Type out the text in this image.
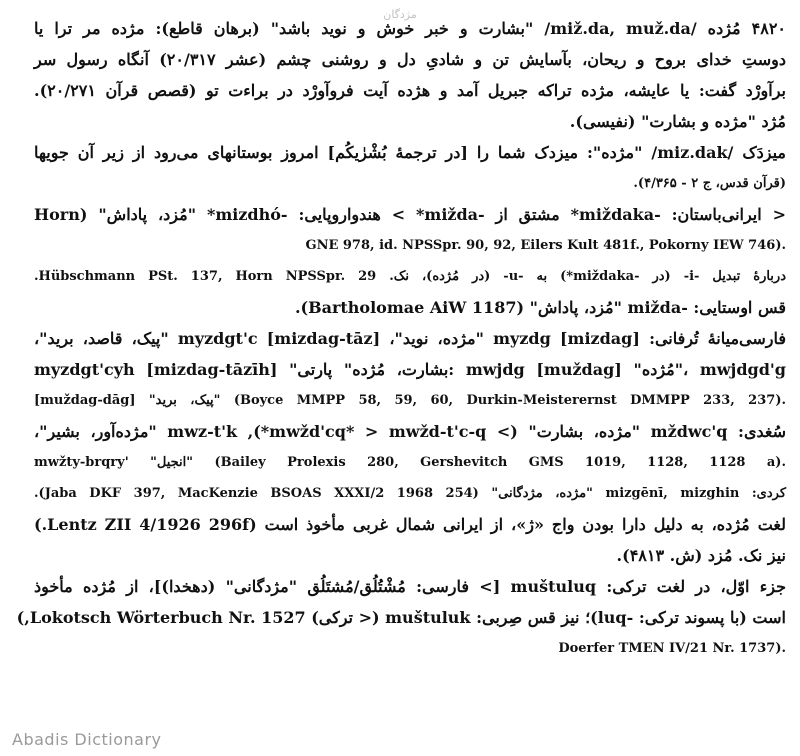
مژدگان
۴۸۲۰ مُژده /miž.da, muž.da/ "بشارت و خبر خوش و نوید باشد" (برهان قاطع): مژده مر ترا یا
دوستِ خدای بروح و ریحان، بآسایش تن و شادیِ دل و روشنی چشم (عشر ۲۰/۳۱۷) آنگاه رسول سر
برآورْد گفت: یا عایشه، مژده تراکه جبریل آمد و هژده آیت فروآورْد در براءت تو (قصص قرآن ۲۰/۲۷۱).
مُژد "مژده و بشارت" (نفیسی).
میزدَک /miz.dak/ "مژده": میزدک شما را [در ترجمهٔ بُشْرٰیکُم] امروز بوستانهای می‌رود از زیر آن جویها
(قرآن قدس، ج ۲ - ۴/۳۶۵).
< ایرانی‌باستان: -miždaka* مشتق از -mižda* > هندواروپایی: -mizdhó* "مُزد، پاداش" (Horn
GNE 978, id. NPSSpr. 90, 92, Eilers Kult 481f., Pokorny IEW 746).
دربارهٔ تبدیل -i- (در -miždaka*) به -u- (در مُژده)، نک. Hübschmann PSt. 137, Horn NPSSpr. 29.
قس اوستایی: -mižda "مُزد، پاداش" (Bartholomae AiW 1187).
فارسی‌میانهٔ تُرفانی: myzdg [mizdag] "مژده، نوید"، myzdgt'c [mizdag-tāz] "پیک، قاصد، برید"،
myzdgt'cyh [mizdag-tāzīh] "بشارت، مُژده" پارتی: mwjdg [muždag] "مُژده"، mwjdgd'g
[muždag-dāg] "پیک، برید" (Boyce MMPP 58, 59, 60, Durkin-Meisterernst DMMPP 233, 237).
سُغدی: mždwc'q "مژده، بشارت" (> mwžd'cq* > mwžd-t'c-q*), mwz-t'k "مژده‌آور، بشیر"،
mwžty-brqry' "انجیل" (Bailey Prolexis 280, Gershevitch GMS 1019, 1128, 1128 a).
کردی: mizgēnī, mizghin "مژده، مژدگانی" (Jaba DKF 397, MacKenzie BSOAS XXXI/2 1968 254).
لغت مُژده، به دلیل دارا بودن واج «ژ»، از ایرانی شمال غربی مأخوذ است (Lentz ZII 4/1926 296f.)
نیز نک. مُزد (ش. ۴۸۱۳).
جزء اوّل، در لغت ترکی: muštuluq [> فارسی: مُشْتُلُق/مُشتَلُق "مژدگانی" (دهخدا)]، از مُژده مأخوذ
است (با پسوند ترکی: -luq)؛ نیز قس صِربی: muštuluk (< ترکی) Lokotsch Wörterbuch Nr. 1527,)
Doerfer TMEN IV/21 Nr. 1737).
Abadis Dictionary
